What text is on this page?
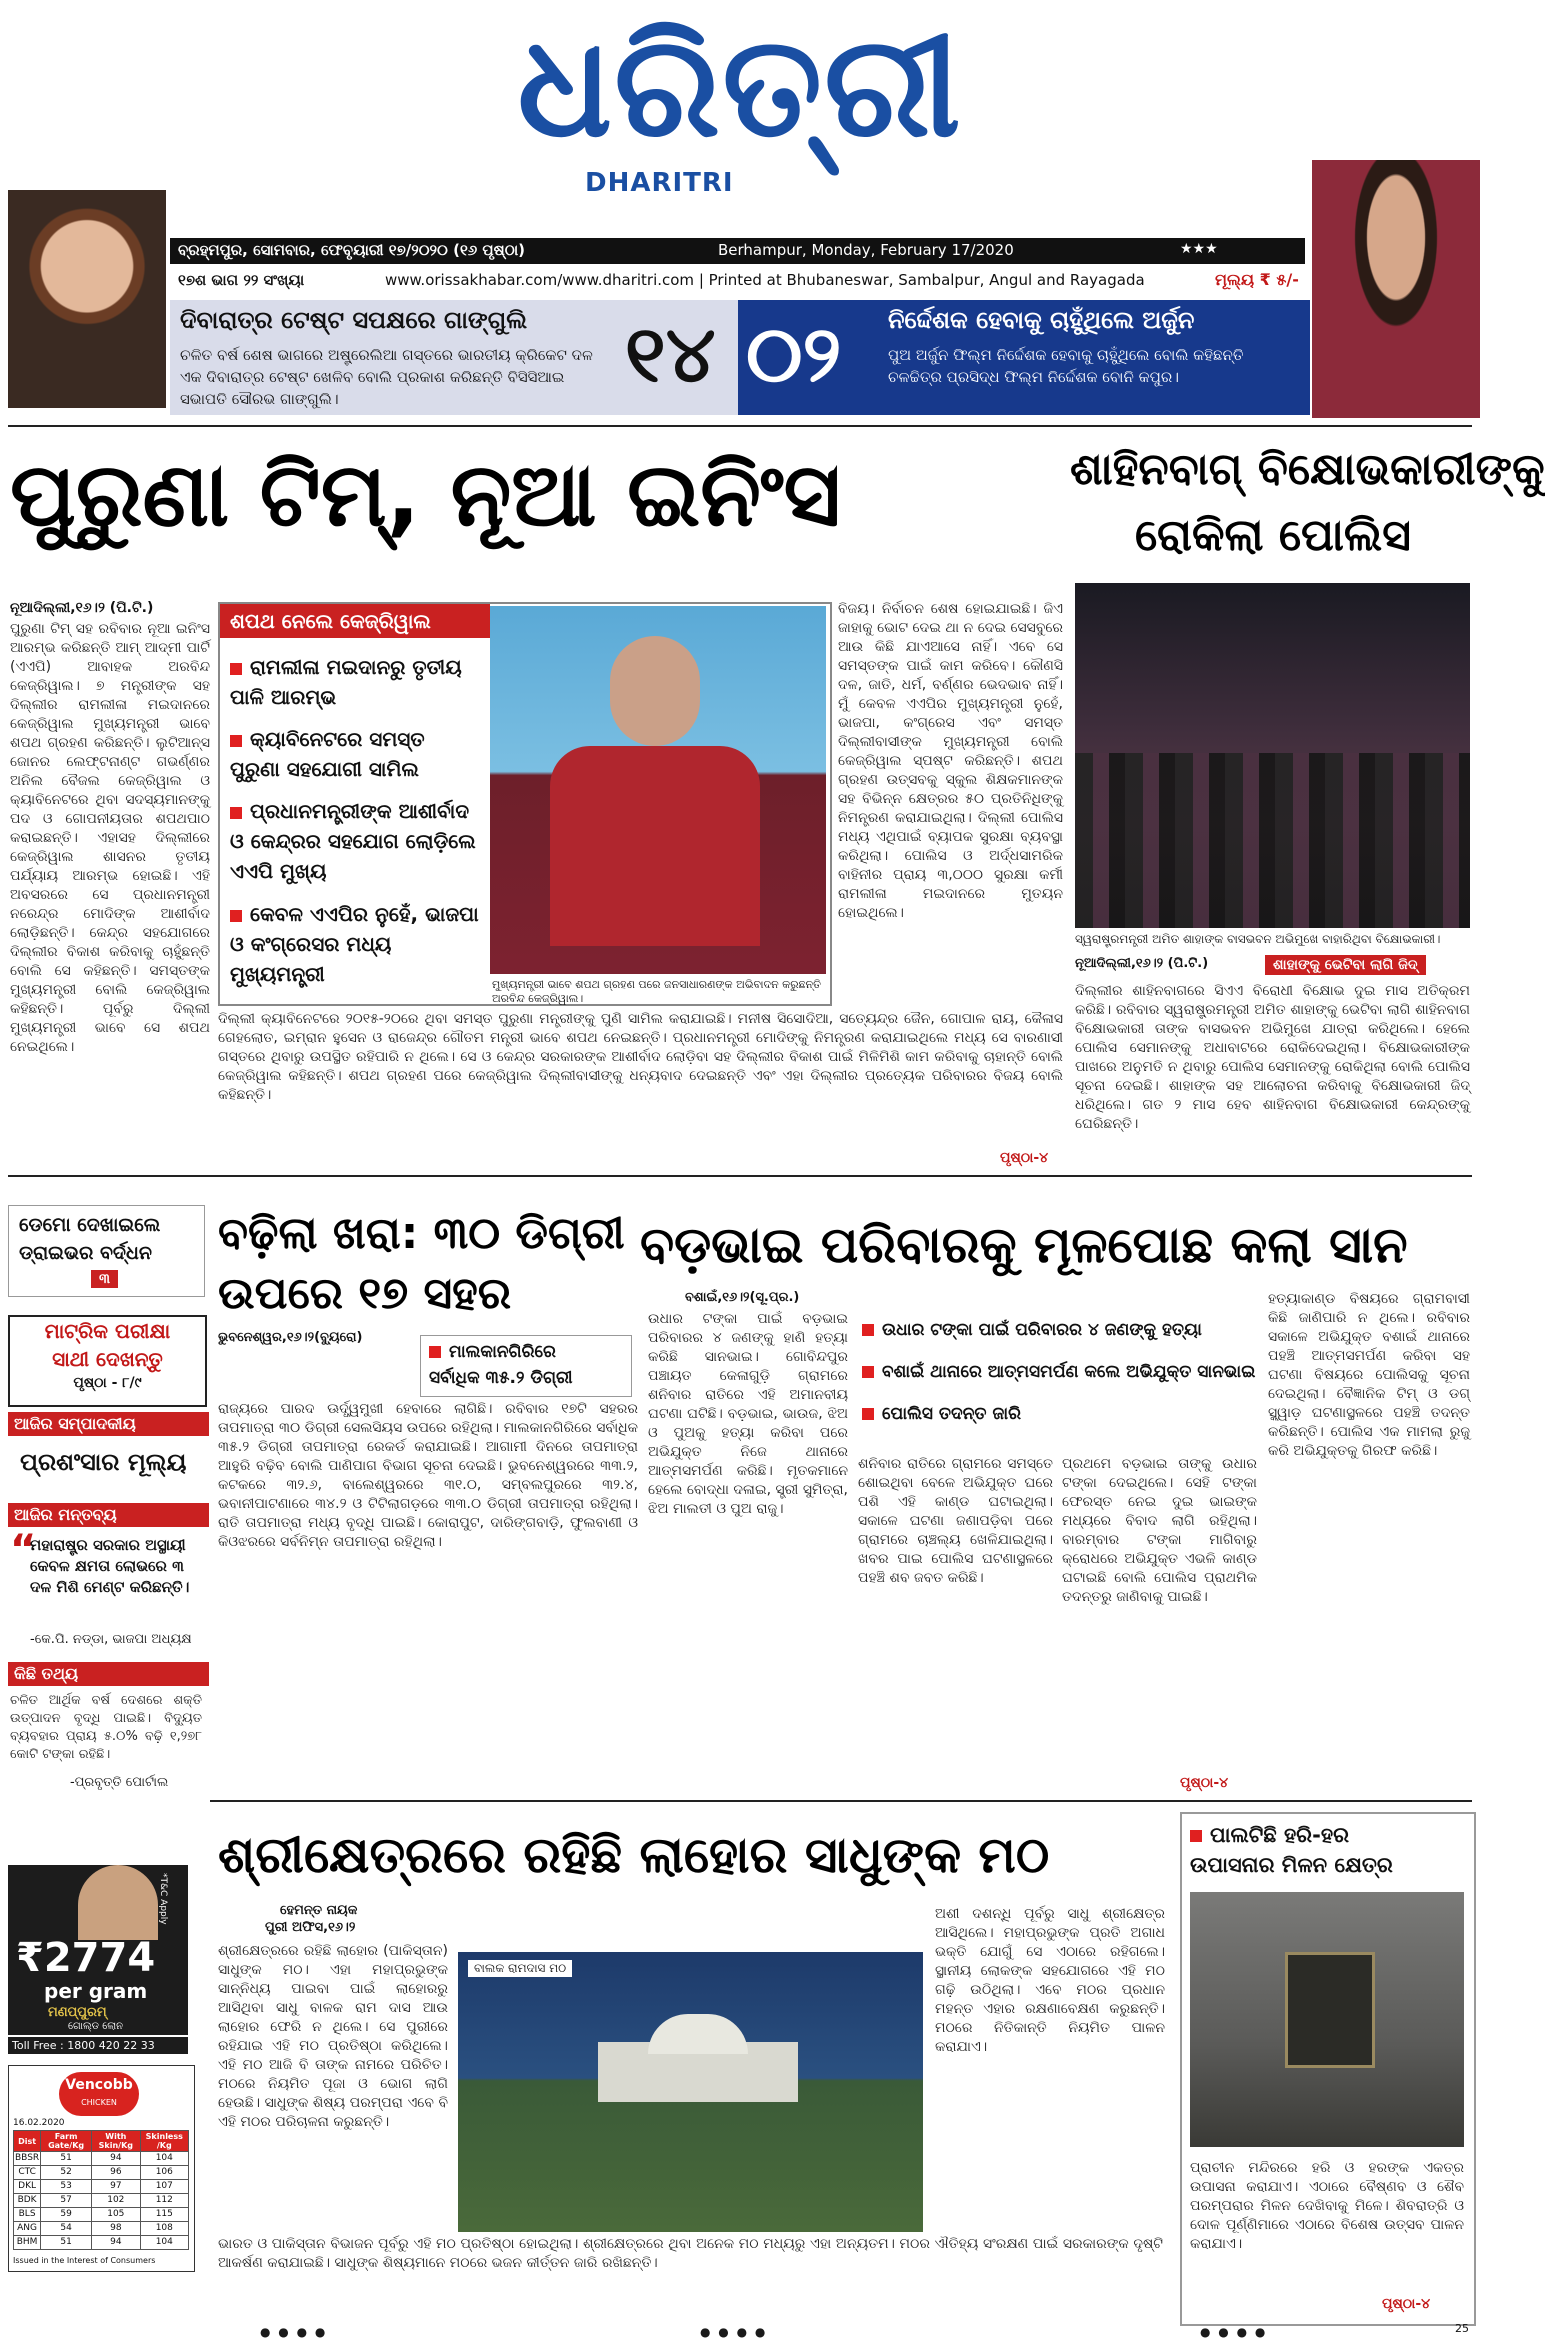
ଧରିତ୍ରୀ
DHARITRI
ବ୍ରହ୍ମପୁର, ସୋମବାର, ଫେବୃୟାରୀ ୧୭/୨୦୨୦ (୧୬ ପୃଷ୍ଠା)	Berhampur, Monday, February 17/2020	★★★
୧୭ଶ ଭାଗ ୨୨ ସଂଖ୍ୟା	www.orissakhabar.com/www.dharitri.com | Printed at Bhubaneswar, Sambalpur, Angul and Rayagada	ମୂଲ୍ୟ ₹ ୫/-
ଦିବାରାତ୍ର ଟେଷ୍ଟ ସପକ୍ଷରେ ଗାଙ୍ଗୁଲି
ଚଳିତ ବର୍ଷ ଶେଷ ଭାଗରେ ଅଷ୍ଟ୍ରେଲିଆ ଗସ୍ତରେ ଭାରତୀୟ କ୍ରିକେଟ ଦଳ ଏକ ଦିବାରାତ୍ର ଟେଷ୍ଟ ଖେଳିବ ବୋଲି ପ୍ରକାଶ କରିଛନ୍ତି ବିସିସିଆଇ ସଭାପତି ସୌରଭ ଗାଙ୍ଗୁଲି।	୧୪ ୦୨ ନିର୍ଦ୍ଦେଶକ ହେବାକୁ ଚାହୁଁଥିଲେ ଅର୍ଜୁନ
ପୁଅ ଅର୍ଜୁନ ଫିଲ୍ମ ନିର୍ଦ୍ଦେଶକ ହେବାକୁ ଚାହୁଁଥିଲେ ବୋଲି କହିଛନ୍ତି ଚଳଚ୍ଚିତ୍ର ପ୍ରସିଦ୍ଧ ଫିଲ୍ମ ନିର୍ଦ୍ଦେଶକ ବୋନି କପୁର।
ପୁରୁଣା ଟିମ୍, ନୂଆ ଇନିଂସ
ନୂଆଦିଲ୍ଲୀ,୧୬।୨ (ପି.ଟି.)
ପୁରୁଣା ଟିମ୍ ସହ ରବିବାର ନୂଆ ଇନିଂସ ଆରମ୍ଭ କରିଛନ୍ତି ଆମ୍ ଆଦ୍ମୀ ପାର୍ଟି (ଏଏପି) ଆବାହକ ଅରବିନ୍ଦ କେଜ୍ରିୱାଲ। ୭ ମନ୍ତ୍ରୀଙ୍କ ସହ ଦିଲ୍ଲୀର ରାମଲୀଳା ମଇଦାନରେ କେଜ୍ରିୱାଲ ମୁଖ୍ୟମନ୍ତ୍ରୀ ଭାବେ ଶପଥ ଗ୍ରହଣ କରିଛନ୍ତି। ଲୁଟିଆନ୍ସ ଜୋନର ଲେଫ୍ଟନାଣ୍ଟ ଗଭର୍ଣ୍ଣର ଅନିଲ ବୈଜଲ କେଜ୍ରିୱାଲ ଓ କ୍ୟାବିନେଟରେ ଥିବା ସଦସ୍ୟମାନଙ୍କୁ ପଦ ଓ ଗୋପନୀୟତାର ଶପଥପାଠ କରାଇଛନ୍ତି। ଏହାସହ ଦିଲ୍ଲୀରେ କେଜ୍ରିୱାଲ ଶାସନର ତୃତୀୟ ପର୍ଯ୍ୟାୟ ଆରମ୍ଭ ହୋଇଛି। ଏହି ଅବସରରେ ସେ ପ୍ରଧାନମନ୍ତ୍ରୀ ନରେନ୍ଦ୍ର ମୋଦିଙ୍କ ଆଶୀର୍ବାଦ ଲୋଡ଼ିଛନ୍ତି। କେନ୍ଦ୍ର ସହଯୋଗରେ ଦିଲ୍ଲୀର ବିକାଶ କରିବାକୁ ଚାହୁଁଛନ୍ତି ବୋଲି ସେ କହିଛନ୍ତି। ସମସ୍ତଙ୍କ ମୁଖ୍ୟମନ୍ତ୍ରୀ ବୋଲି କେଜ୍ରିୱାଲ କହିଛନ୍ତି। ପୂର୍ବରୁ ଦିଲ୍ଲୀ ମୁଖ୍ୟମନ୍ତ୍ରୀ ଭାବେ ସେ ଶପଥ ନେଇଥିଲେ।
ଶପଥ ନେଲେ କେଜ୍ରିୱାଲ
ରାମଲୀଳା ମଇଦାନରୁ ତୃତୀୟ ପାଳି ଆରମ୍ଭ
କ୍ୟାବିନେଟରେ ସମସ୍ତ ପୁରୁଣା ସହଯୋଗୀ ସାମିଲ
ପ୍ରଧାନମନ୍ତ୍ରୀଙ୍କ ଆଶୀର୍ବାଦ ଓ କେନ୍ଦ୍ରର ସହଯୋଗ ଲୋଡ଼ିଲେ ଏଏପି ମୁଖ୍ୟ
କେବଳ ଏଏପିର ନୁହେଁ, ଭାଜପା ଓ କଂଗ୍ରେସର ମଧ୍ୟ ମୁଖ୍ୟମନ୍ତ୍ରୀ	ମୁଖ୍ୟମନ୍ତ୍ରୀ ଭାବେ ଶପଥ ଗ୍ରହଣ ପରେ ଜନସାଧାରଣଙ୍କ ଅଭିବାଦନ କରୁଛନ୍ତି ଅରବିନ୍ଦ କେଜ୍ରିୱାଲ।
ବିଜୟ। ନିର୍ବାଚନ ଶେଷ ହୋଇଯାଇଛି। ଜିଏ ଜାହାକୁ ଭୋଟ ଦେଇ ଥା ନ ଦେଇ ସେସବୁରେ ଆଉ କିଛି ଯାଏଆସେ ନାହିଁ। ଏବେ ସେ ସମସ୍ତଙ୍କ ପାଇଁ କାମ କରିବେ। କୌଣସି ଦଳ, ଜାତି, ଧର୍ମ, ବର୍ଣ୍ଣର ଭେଦଭାବ ନାହିଁ। ମୁଁ କେବଳ ଏଏପିର ମୁଖ୍ୟମନ୍ତ୍ରୀ ନୁହେଁ, ଭାଜପା, କଂଗ୍ରେସ ଏବଂ ସମସ୍ତ ଦିଲ୍ଲୀବାସୀଙ୍କ ମୁଖ୍ୟମନ୍ତ୍ରୀ ବୋଲି କେଜ୍ରିୱାଲ ସ୍ପଷ୍ଟ କରିଛନ୍ତି। ଶପଥ ଗ୍ରହଣ ଉତ୍ସବକୁ ସ୍କୁଲ ଶିକ୍ଷକମାନଙ୍କ ସହ ବିଭିନ୍ନ କ୍ଷେତ୍ରର ୫୦ ପ୍ରତିନିଧିଙ୍କୁ ନିମନ୍ତ୍ରଣ କରାଯାଇଥିଲା। ଦିଲ୍ଲୀ ପୋଲିସ ମଧ୍ୟ ଏଥିପାଇଁ ବ୍ୟାପକ ସୁରକ୍ଷା ବ୍ୟବସ୍ଥା କରିଥିଲା। ପୋଲିସ ଓ ଅର୍ଦ୍ଧସାମରିକ ବାହିନୀର ପ୍ରାୟ ୩,୦୦୦ ସୁରକ୍ଷା କର୍ମୀ ରାମଲୀଳା ମଇଦାନରେ ମୁତୟନ ହୋଇଥିଲେ।
ଶାହିନବାଗ୍ ବିକ୍ଷୋଭକାରୀଙ୍କୁ
ରୋକିଲା ପୋଲିସ
ସ୍ୱରାଷ୍ଟ୍ରମନ୍ତ୍ରୀ ଅମିତ ଶାହାଙ୍କ ବାସଭବନ ଅଭିମୁଖେ ବାହାରିଥିବା ବିକ୍ଷୋଭକାରୀ।
ନୂଆଦିଲ୍ଲୀ,୧୬।୨ (ପି.ଟି.)	ଶାହାଙ୍କୁ ଭେଟିବା ଲାଗି ଜିଦ୍
ଦିଲ୍ଲୀର ଶାହିନବାଗରେ ସିଏଏ ବିରୋଧୀ ବିକ୍ଷୋଭ ଦୁଇ ମାସ ଅତିକ୍ରମ କରିଛି। ରବିବାର ସ୍ୱରାଷ୍ଟ୍ରମନ୍ତ୍ରୀ ଅମିତ ଶାହାଙ୍କୁ ଭେଟିବା ଲାଗି ଶାହିନବାଗ ବିକ୍ଷୋଭକାରୀ ତାଙ୍କ ବାସଭବନ ଅଭିମୁଖେ ଯାତ୍ରା କରିଥିଲେ। ହେଲେ ପୋଲିସ ସେମାନଙ୍କୁ ଅଧାବାଟରେ ରୋକିଦେଇଥିଲା। ବିକ୍ଷୋଭକାରୀଙ୍କ ପାଖରେ ଅନୁମତି ନ ଥିବାରୁ ପୋଲିସ ସେମାନଙ୍କୁ ରୋକିଥିଲା ବୋଲି ପୋଲିସ ସୂଚନା ଦେଇଛି। ଶାହାଙ୍କ ସହ ଆଲୋଚନା କରିବାକୁ ବିକ୍ଷୋଭକାରୀ ଜିଦ୍ ଧରିଥିଲେ। ଗତ ୨ ମାସ ହେବ ଶାହିନବାଗ ବିକ୍ଷୋଭକାରୀ କେନ୍ଦ୍ରଙ୍କୁ ଘେରିଛନ୍ତି।
ଦିଲ୍ଲୀ କ୍ୟାବିନେଟରେ ୨୦୧୫-୨୦ରେ ଥିବା ସମସ୍ତ ପୁରୁଣା ମନ୍ତ୍ରୀଙ୍କୁ ପୁଣି ସାମିଲ କରାଯାଇଛି। ମନୀଷ ସିସୋଦିଆ, ସତ୍ୟେନ୍ଦ୍ର ଜୈନ, ଗୋପାଳ ରାୟ, କୈଳାସ ଗେହଲୋତ, ଇମ୍ରାନ ହୁସେନ ଓ ରାଜେନ୍ଦ୍ର ଗୌତମ ମନ୍ତ୍ରୀ ଭାବେ ଶପଥ ନେଇଛନ୍ତି। ପ୍ରଧାନମନ୍ତ୍ରୀ ମୋଦିଙ୍କୁ ନିମନ୍ତ୍ରଣ କରାଯାଇଥିଲେ ମଧ୍ୟ ସେ ବାରଣାସୀ ଗସ୍ତରେ ଥିବାରୁ ଉପସ୍ଥିତ ରହିପାରି ନ ଥିଲେ। ସେ ଓ କେନ୍ଦ୍ର ସରକାରଙ୍କ ଆଶୀର୍ବାଦ ଲୋଡ଼ିବା ସହ ଦିଲ୍ଲୀର ବିକାଶ ପାଇଁ ମିଳିମିଶି କାମ କରିବାକୁ ଚାହାନ୍ତି ବୋଲି କେଜ୍ରିୱାଲ କହିଛନ୍ତି। ଶପଥ ଗ୍ରହଣ ପରେ କେଜ୍ରିୱାଲ ଦିଲ୍ଲୀବାସୀଙ୍କୁ ଧନ୍ୟବାଦ ଦେଇଛନ୍ତି ଏବଂ ଏହା ଦିଲ୍ଲୀର ପ୍ରତ୍ୟେକ ପରିବାରର ବିଜୟ ବୋଲି କହିଛନ୍ତି।
ପୃଷ୍ଠା-୪
ଡେମୋ ଦେଖାଇଲେ
ଡ୍ରାଇଭର ବର୍ଦ୍ଧନ
୩
ମାଟ୍ରିକ ପରୀକ୍ଷା
ସାଥୀ ଦେଖନ୍ତୁ
ପୃଷ୍ଠା - ୮/୯
ଆଜିର ସମ୍ପାଦକୀୟ
ପ୍ରଶଂସାର ମୂଲ୍ୟ
ଆଜିର ମନ୍ତବ୍ୟ
“
ମହାରାଷ୍ଟ୍ର ସରକାର ଅସ୍ଥାୟୀ କେବଳ କ୍ଷମତା ଲୋଭରେ ୩ ଦଳ ମିଶି ମେଣ୍ଟ କରିଛନ୍ତି।
-କେ.ପି. ନଡ୍ଡା, ଭାଜପା ଅଧ୍ୟକ୍ଷ
କିଛି ତଥ୍ୟ
ଚଳିତ ଆର୍ଥିକ ବର୍ଷ ଦେଶରେ ଶକ୍ତି ଉତ୍ପାଦନ ବୃଦ୍ଧି ପାଇଛି। ବିଦ୍ୟୁତ ବ୍ୟବହାର ପ୍ରାୟ ୫.୦% ବଢ଼ି ୧,୨୭୮ କୋଟି ଟଙ୍କା ରହିଛି।
-ପ୍ରବୃତ୍ତି ପୋର୍ଟାଲ
*T&C Apply
₹2774
per gram
ମଣପ୍ପୁରମ୍
ଗୋଲ୍ଡ ଲୋନ
Toll Free : 1800 420 22 33
Vencobb
CHICKEN
16.02.2020
Dist	Farm Gate/Kg	With Skin/Kg	Skinless /Kg
BBSR	51	94	104
CTC	52	96	106
DKL	53	97	107
BDK	57	102	112
BLS	59	105	115
ANG	54	98	108
BHM	51	94	104
Issued in the Interest of Consumers
ବଢ଼ିଲା ଖରା: ୩୦ ଡିଗ୍ରୀ
ଉପରେ ୧୭ ସହର
ଭୁବନେଶ୍ୱର,୧୬।୨(ବ୍ୟୁରୋ)
ମାଲକାନଗିରିରେ
ସର୍ବାଧିକ ୩୫.୨ ଡିଗ୍ରୀ
ରାଜ୍ୟରେ ପାରଦ ଊର୍ଦ୍ଧ୍ୱମୁଖୀ ହେବାରେ ଲାଗିଛି। ରବିବାର ୧୭ଟି ସହରର ତାପମାତ୍ରା ୩୦ ଡିଗ୍ରୀ ସେଲସିୟସ ଉପରେ ରହିଥିଲା। ମାଲକାନଗିରିରେ ସର୍ବାଧିକ ୩୫.୨ ଡିଗ୍ରୀ ତାପମାତ୍ରା ରେକର୍ଡ କରାଯାଇଛି। ଆଗାମୀ ଦିନରେ ତାପମାତ୍ରା ଆହୁରି ବଢ଼ିବ ବୋଲି ପାଣିପାଗ ବିଭାଗ ସୂଚନା ଦେଇଛି। ଭୁବନେଶ୍ୱରରେ ୩୩.୨, କଟକରେ ୩୨.୬, ବାଲେଶ୍ୱରରେ ୩୧.୦, ସମ୍ବଲପୁରରେ ୩୨.୪, ଭବାନୀପାଟଣାରେ ୩୪.୨ ଓ ଟିଟିଲାଗଡ଼ରେ ୩୩.୦ ଡିଗ୍ରୀ ତାପମାତ୍ରା ରହିଥିଲା। ରାତି ତାପମାତ୍ରା ମଧ୍ୟ ବୃଦ୍ଧି ପାଇଛି। କୋରାପୁଟ, ଦାରିଙ୍ଗବାଡ଼ି, ଫୁଲବାଣୀ ଓ କିଓଝରରେ ସର୍ବନିମ୍ନ ତାପମାତ୍ରା ରହିଥିଲା।
ବଡ଼ଭାଇ ପରିବାରକୁ ମୂଳପୋଛ କଲା ସାନ
ବଶାଇଁ,୧୬।୨(ସୂ.ପ୍ର.)
ଉଧାର ଟଙ୍କା ପାଇଁ ବଡ଼ଭାଇ ପରିବାରର ୪ ଜଣଙ୍କୁ ହାଣି ହତ୍ୟା କରିଛି ସାନଭାଇ। ଗୋବିନ୍ଦପୁର ପଞ୍ଚାୟତ କେଳାଗୁଡ଼ି ଗ୍ରାମରେ ଶନିବାର ରାତିରେ ଏହି ଅମାନବୀୟ ଘଟଣା ଘଟିଛି। ବଡ଼ଭାଇ, ଭାଉଜ, ଝିଅ ଓ ପୁଅକୁ ହତ୍ୟା କରିବା ପରେ ଅଭିଯୁକ୍ତ ନିଜେ ଥାନାରେ ଆତ୍ମସମର୍ପଣ କରିଛି। ମୃତକମାନେ ହେଲେ ବୋଦ୍ଧା ଦଳାଇ, ସ୍ତ୍ରୀ ସୁମିତ୍ରା, ଝିଅ ମାଲତୀ ଓ ପୁଅ ରାଜୁ।
ଉଧାର ଟଙ୍କା ପାଇଁ ପରିବାରର ୪ ଜଣଙ୍କୁ ହତ୍ୟା
ବଶାଇଁ ଥାନାରେ ଆତ୍ମସମର୍ପଣ କଲେ ଅଭିଯୁକ୍ତ ସାନଭାଇ
ପୋଲିସ ତଦନ୍ତ ଜାରି
ଶନିବାର ରାତିରେ ଗ୍ରାମରେ ସମସ୍ତେ ଶୋଇଥିବା ବେଳେ ଅଭିଯୁକ୍ତ ଘରେ ପଶି ଏହି କାଣ୍ଡ ଘଟାଇଥିଲା। ସକାଳେ ଘଟଣା ଜଣାପଡ଼ିବା ପରେ ଗ୍ରାମରେ ଚାଞ୍ଚଲ୍ୟ ଖେଳିଯାଇଥିଲା। ଖବର ପାଇ ପୋଲିସ ଘଟଣାସ୍ଥଳରେ ପହଞ୍ଚି ଶବ ଜବତ କରିଛି।
ପ୍ରଥମେ ବଡ଼ଭାଇ ତାଙ୍କୁ ଉଧାର ଟଙ୍କା ଦେଇଥିଲେ। ସେହି ଟଙ୍କା ଫେରସ୍ତ ନେଇ ଦୁଇ ଭାଇଙ୍କ ମଧ୍ୟରେ ବିବାଦ ଲାଗି ରହିଥିଲା। ବାରମ୍ବାର ଟଙ୍କା ମାଗିବାରୁ କ୍ରୋଧରେ ଅଭିଯୁକ୍ତ ଏଭଳି କାଣ୍ଡ ଘଟାଇଛି ବୋଲି ପୋଲିସ ପ୍ରାଥମିକ ତଦନ୍ତରୁ ଜାଣିବାକୁ ପାଇଛି।
ହତ୍ୟାକାଣ୍ଡ ବିଷୟରେ ଗ୍ରାମବାସୀ କିଛି ଜାଣିପାରି ନ ଥିଲେ। ରବିବାର ସକାଳେ ଅଭିଯୁକ୍ତ ବଶାଇଁ ଥାନାରେ ପହଞ୍ଚି ଆତ୍ମସମର୍ପଣ କରିବା ସହ ଘଟଣା ବିଷୟରେ ପୋଲିସକୁ ସୂଚନା ଦେଇଥିଲା। ବୈଜ୍ଞାନିକ ଟିମ୍ ଓ ଡଗ୍ ସ୍କ୍ୱାଡ଼ ଘଟଣାସ୍ଥଳରେ ପହଞ୍ଚି ତଦନ୍ତ କରିଛନ୍ତି। ପୋଲିସ ଏକ ମାମଲା ରୁଜୁ କରି ଅଭିଯୁକ୍ତକୁ ଗିରଫ କରିଛି।
ପୃଷ୍ଠା-୪
ଶ୍ରୀକ୍ଷେତ୍ରରେ ରହିଛି ଲାହୋର ସାଧୁଙ୍କ ମଠ
ହେମନ୍ତ ନାୟକ
ପୁରୀ ଅଫିସ,୧୬।୨
ଶ୍ରୀକ୍ଷେତ୍ରରେ ରହିଛି ଲାହୋର (ପାକିସ୍ତାନ) ସାଧୁଙ୍କ ମଠ। ଏହା ମହାପ୍ରଭୁଙ୍କ ସାନ୍ନିଧ୍ୟ ପାଇବା ପାଇଁ ଲାହୋରରୁ ଆସିଥିବା ସାଧୁ ବାଳକ ରାମ ଦାସ ଆଉ ଲାହୋର ଫେରି ନ ଥିଲେ। ସେ ପୁରୀରେ ରହିଯାଇ ଏହି ମଠ ପ୍ରତିଷ୍ଠା କରିଥିଲେ। ଏହି ମଠ ଆଜି ବି ତାଙ୍କ ନାମରେ ପରିଚିତ। ମଠରେ ନିୟମିତ ପୂଜା ଓ ଭୋଗ ଲାଗି ହେଉଛି। ସାଧୁଙ୍କ ଶିଷ୍ୟ ପରମ୍ପରା ଏବେ ବି ଏହି ମଠର ପରିଚାଳନା କରୁଛନ୍ତି।
ବାଲକ ରାମଦାସ ମଠ
ଅଶୀ ଦଶନ୍ଧି ପୂର୍ବରୁ ସାଧୁ ଶ୍ରୀକ୍ଷେତ୍ର ଆସିଥିଲେ। ମହାପ୍ରଭୁଙ୍କ ପ୍ରତି ଅଗାଧ ଭକ୍ତି ଯୋଗୁଁ ସେ ଏଠାରେ ରହିଗଲେ। ସ୍ଥାନୀୟ ଲୋକଙ୍କ ସହଯୋଗରେ ଏହି ମଠ ଗଢ଼ି ଉଠିଥିଲା। ଏବେ ମଠର ପ୍ରଧାନ ମହନ୍ତ ଏହାର ରକ୍ଷଣାବେକ୍ଷଣ କରୁଛନ୍ତି। ମଠରେ ନିତିକାନ୍ତି ନିୟମିତ ପାଳନ କରାଯାଏ।
ଭାରତ ଓ ପାକିସ୍ତାନ ବିଭାଜନ ପୂର୍ବରୁ ଏହି ମଠ ପ୍ରତିଷ୍ଠା ହୋଇଥିଲା। ଶ୍ରୀକ୍ଷେତ୍ରରେ ଥିବା ଅନେକ ମଠ ମଧ୍ୟରୁ ଏହା ଅନ୍ୟତମ। ମଠର ଐତିହ୍ୟ ସଂରକ୍ଷଣ ପାଇଁ ସରକାରଙ୍କ ଦୃଷ୍ଟି ଆକର୍ଷଣ କରାଯାଇଛି। ସାଧୁଙ୍କ ଶିଷ୍ୟମାନେ ମଠରେ ଭଜନ କୀର୍ତ୍ତନ ଜାରି ରଖିଛନ୍ତି।
ପାଲଟିଛି ହରି-ହର
ଉପାସନାର ମିଳନ କ୍ଷେତ୍ର
ପ୍ରାଚୀନ ମନ୍ଦିରରେ ହରି ଓ ହରଙ୍କ ଏକତ୍ର ଉପାସନା କରାଯାଏ। ଏଠାରେ ବୈଷ୍ଣବ ଓ ଶୈବ ପରମ୍ପରାର ମିଳନ ଦେଖିବାକୁ ମିଳେ। ଶିବରାତ୍ରି ଓ ଦୋଳ ପୂର୍ଣ୍ଣିମାରେ ଏଠାରେ ବିଶେଷ ଉତ୍ସବ ପାଳନ କରାଯାଏ।
ପୃଷ୍ଠା-୪
● ● ● ●	● ● ● ●	● ● ● ●	25
